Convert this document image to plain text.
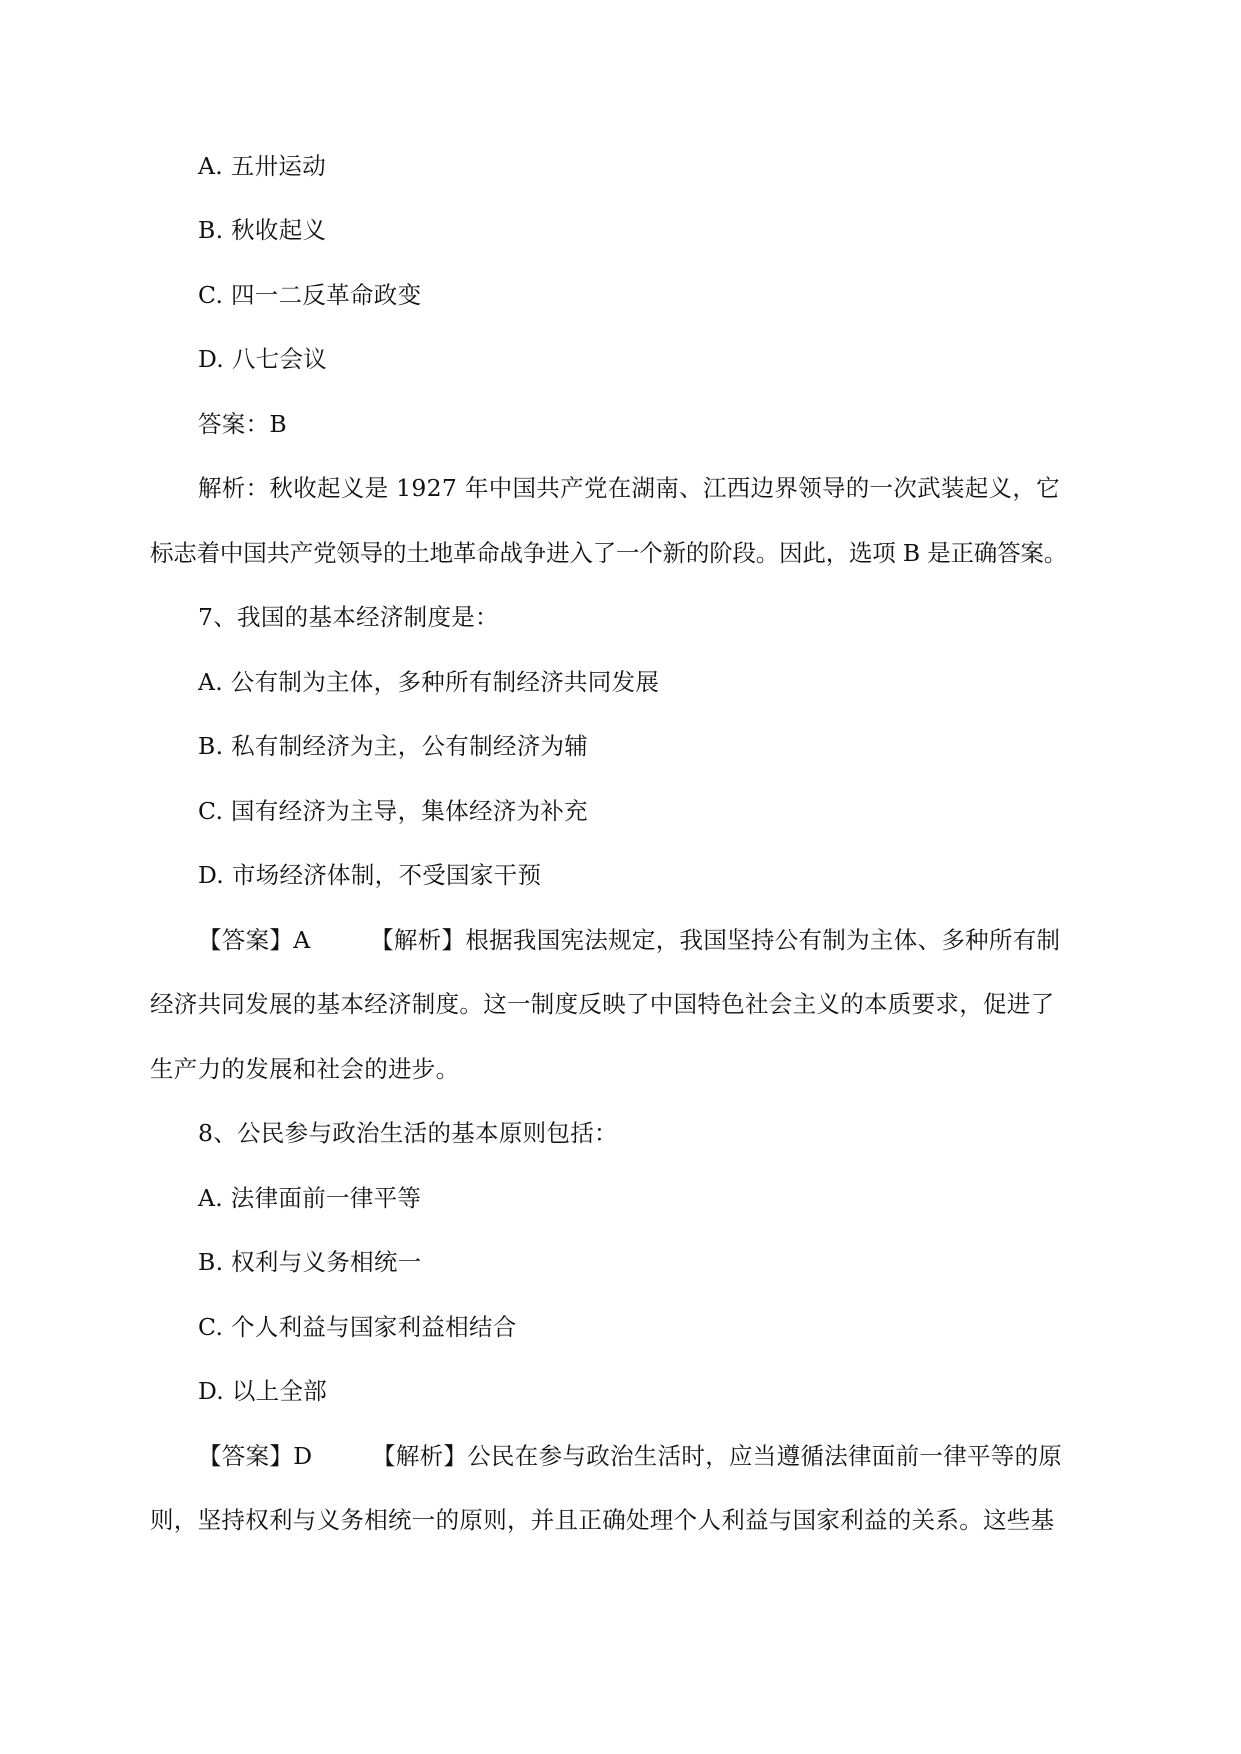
A. 五卅运动
B. 秋收起义
C. 四一二反革命政变
D. 八七会议
答案：B
解析：秋收起义是 1927 年中国共产党在湖南、江西边界领导的一次武装起义，它
标志着中国共产党领导的土地革命战争进入了一个新的阶段。因此，选项 B 是正确答案。
7、我国的基本经济制度是：
A. 公有制为主体，多种所有制经济共同发展
B. 私有制经济为主，公有制经济为辅
C. 国有经济为主导，集体经济为补充
D. 市场经济体制，不受国家干预
【答案】A　　　【解析】根据我国宪法规定，我国坚持公有制为主体、多种所有制
经济共同发展的基本经济制度。这一制度反映了中国特色社会主义的本质要求，促进了
生产力的发展和社会的进步。
8、公民参与政治生活的基本原则包括：
A. 法律面前一律平等
B. 权利与义务相统一
C. 个人利益与国家利益相结合
D. 以上全部
【答案】D　　　【解析】公民在参与政治生活时，应当遵循法律面前一律平等的原
则，坚持权利与义务相统一的原则，并且正确处理个人利益与国家利益的关系。这些基
